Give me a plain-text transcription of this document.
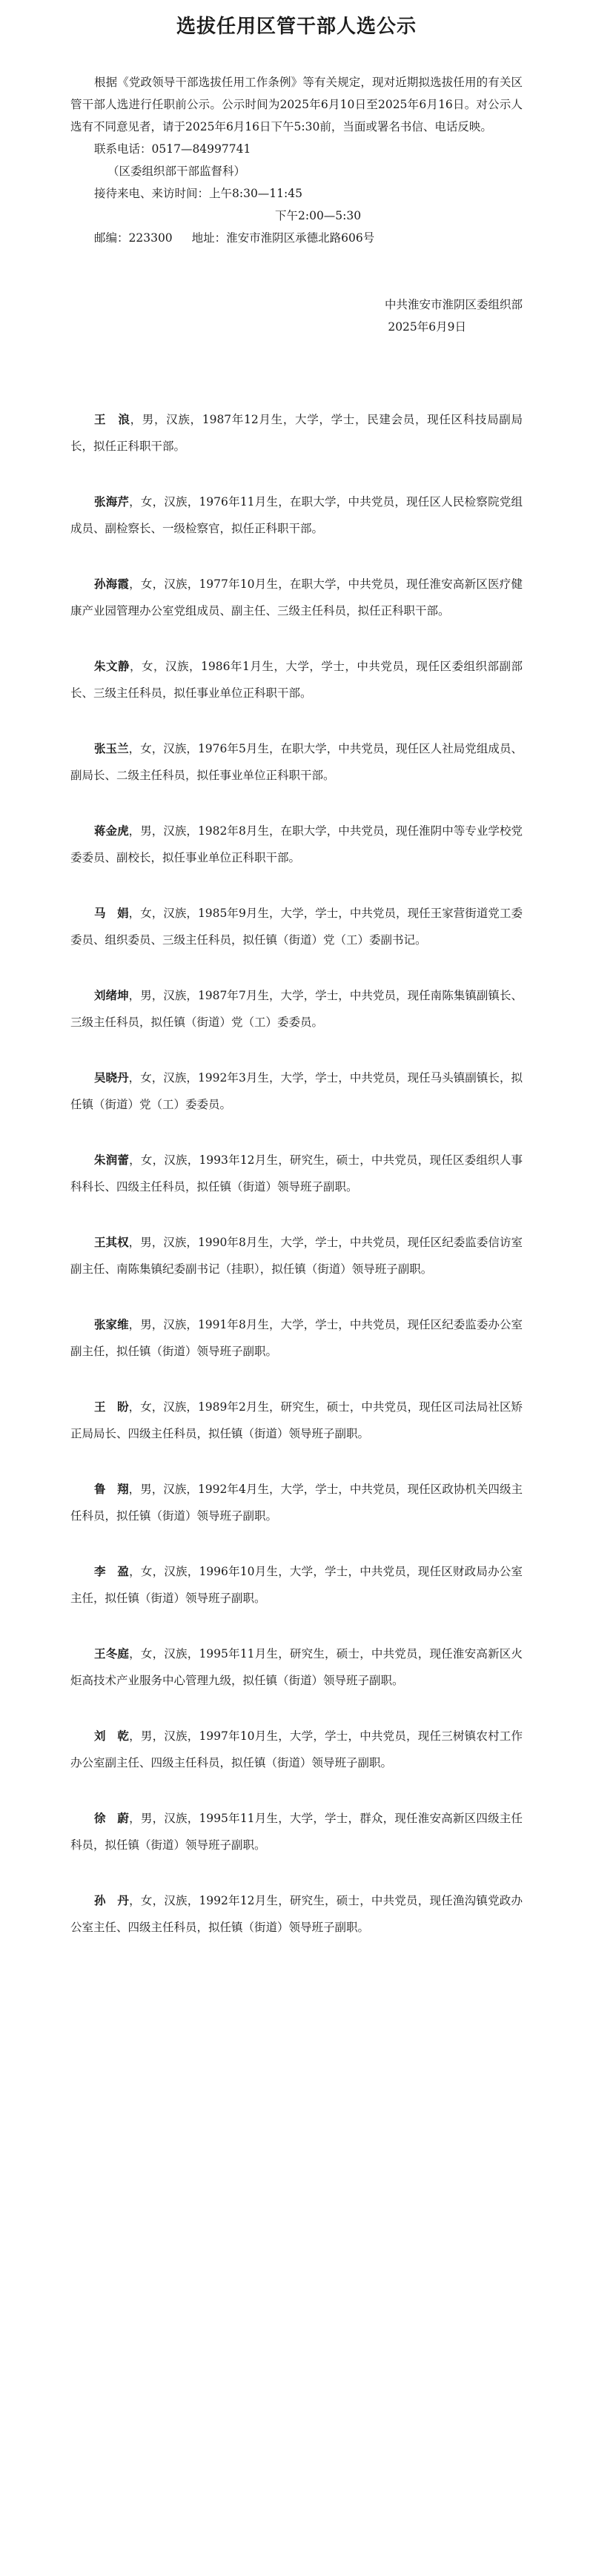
选拔任用区管干部人选公示
根据《党政领导干部选拔任用工作条例》等有关规定，现对近期拟选拔任用的有关区管干部人选进行任职前公示。公示时间为2025年6月10日至2025年6月16日。对公示人选有不同意见者，请于2025年6月16日下午5:30前，当面或署名书信、电话反映。
联系电话：0517—84997741
（区委组织部干部监督科）
接待来电、来访时间：上午8:30—11:45
下午2:00—5:30
邮编：223300 地址：淮安市淮阴区承德北路606号
中共淮安市淮阴区委组织部
2025年6月9日
王　浪，男，汉族，1987年12月生，大学，学士，民建会员，现任区科技局副局长，拟任正科职干部。
张海芹，女，汉族，1976年11月生，在职大学，中共党员，现任区人民检察院党组成员、副检察长、一级检察官，拟任正科职干部。
孙海霞，女，汉族，1977年10月生，在职大学，中共党员，现任淮安高新区医疗健康产业园管理办公室党组成员、副主任、三级主任科员，拟任正科职干部。
朱文静，女，汉族，1986年1月生，大学，学士，中共党员，现任区委组织部副部长、三级主任科员，拟任事业单位正科职干部。
张玉兰，女，汉族，1976年5月生，在职大学，中共党员，现任区人社局党组成员、副局长、二级主任科员，拟任事业单位正科职干部。
蒋金虎，男，汉族，1982年8月生，在职大学，中共党员，现任淮阴中等专业学校党委委员、副校长，拟任事业单位正科职干部。
马　娟，女，汉族，1985年9月生，大学，学士，中共党员，现任王家营街道党工委委员、组织委员、三级主任科员，拟任镇（街道）党（工）委副书记。
刘绪坤，男，汉族，1987年7月生，大学，学士，中共党员，现任南陈集镇副镇长、三级主任科员，拟任镇（街道）党（工）委委员。
吴晓丹，女，汉族，1992年3月生，大学，学士，中共党员，现任马头镇副镇长，拟任镇（街道）党（工）委委员。
朱润蕾，女，汉族，1993年12月生，研究生，硕士，中共党员，现任区委组织人事科科长、四级主任科员，拟任镇（街道）领导班子副职。
王其权，男，汉族，1990年8月生，大学，学士，中共党员，现任区纪委监委信访室副主任、南陈集镇纪委副书记（挂职），拟任镇（街道）领导班子副职。
张家维，男，汉族，1991年8月生，大学，学士，中共党员，现任区纪委监委办公室副主任，拟任镇（街道）领导班子副职。
王　盼，女，汉族，1989年2月生，研究生，硕士，中共党员，现任区司法局社区矫正局局长、四级主任科员，拟任镇（街道）领导班子副职。
鲁　翔，男，汉族，1992年4月生，大学，学士，中共党员，现任区政协机关四级主任科员，拟任镇（街道）领导班子副职。
李　盈，女，汉族，1996年10月生，大学，学士，中共党员，现任区财政局办公室主任，拟任镇（街道）领导班子副职。
王冬庭，女，汉族，1995年11月生，研究生，硕士，中共党员，现任淮安高新区火炬高技术产业服务中心管理九级，拟任镇（街道）领导班子副职。
刘　乾，男，汉族，1997年10月生，大学，学士，中共党员，现任三树镇农村工作办公室副主任、四级主任科员，拟任镇（街道）领导班子副职。
徐　蔚，男，汉族，1995年11月生，大学，学士，群众，现任淮安高新区四级主任科员，拟任镇（街道）领导班子副职。
孙　丹，女，汉族，1992年12月生，研究生，硕士，中共党员，现任渔沟镇党政办公室主任、四级主任科员，拟任镇（街道）领导班子副职。
